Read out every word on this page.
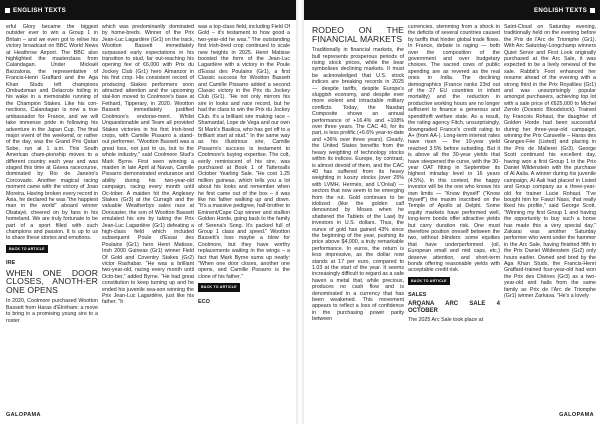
ENGLISH TEXTS

erful Glory became the biggest outsider ever to win a Group 1 in Britain – and we even got to relive his victory broadcast on BBC World News at Heathrow Airport. The BBC also highlighted the masterclass from Calandagan. Under Mickaël Barzalona, the representative of Francis-Henri Graffard and the Aga Khan Studs left champions Ombudsman and Delacroix toiling in his wake in a memorable running of the Champion Stakes. Like his con-nections, Calandagan is now a true ambassador for France, and we will take immense pride in following his adventure in the Japan Cup. The final major event of the weekend, or rather of the day, was the Grand Prix Qatari Sobe, run at 1 a.m. This South American cham-pionship moves to a different country each year and was staged this time at Gávea racecourse, dominated by Rio de Janeiro's Corcovado. Another magical racing moment came with the victory of Joao Moreira. Having broken every record in Asia, he declared he was "the happiest man in the world" aboard winner Obatayé, cheered on by fans in his homeland. We are truly fortunate to be part of a sport filled with such champions and passion. It is up to us to share these stories and emotions.

BACK TO ARTICLE
IRE
WHEN ONE DOOR CLOSES, ANOTH-ER ONE OPENS

In 2020, Coolmore purchased Wootton Bassett from Haras d'Étréham: a move to bring in a promising young sire to a roster

which was predominantly dominated by home-breds. Winner of the Prix Jean-Luc Lagardère (Gr1) on the track, Wootton Bassett immediately surpassed early expectations in his transition to stud, far out-reaching his opening fee of €6,000 with Prix du Jockey Club (Gr1) hero Almanzor in his first crop. His consistent record of producing Stakes performers soon attracted attention and the upcoming stal-lion moved to Coolmore's base at Fethard, Tipperary, in 2020. Wootton Bassett immediately justified Coolmore's endorse-ment. Whilst Unquestionable and Team all provided Stakes victories in his first Irish-bred crops, with Camille Pissarro a stand-out performer. "Wootton Bassett was a great loss, not just to us, but to the whole industry," said Coolmore Stud's Mark Byrne. First seen winning a maiden in late April at Navan, Camille Pissarro demonstrated endurance and ability during his two-year-old campaign, racing every month until Oc-tober. A maiden hit the Anglesey Stakes (Gr3) at the Curragh and the valuable Weatherbys sales race at Doncaster, the son of Wootton Bassett emulated his sire by taking the Prix Jean-Luc Lagardère (Gr1) defeating a high-class field which included subsequent Poule d'Essai des Poulains (Gr1) hero Henri Matisse, Irish 2000 Guineas (Gr1) winner Field Of Gold and Coventry Stakes (Gr2) victor Rashabar. "He was a brilliant two-year-old, racing every month until Octo-ber," added Byrne. "He had great constitution to keep turning up and he ended his juvenile sea-son winning the Prix Jean-Luc Lagardère, just like his father. "It

was a top-class field, including Field Of Gold – it's testament to how good a two-year-old he was." The outstanding first Irish-bred crop continued to scale new heights in 2025. Henri Matisse boosted the form of the Jean-Luc Lagardère with a victory in the Poule d'Essai des Poulains (Gr1), a first Classic success for Wootton Bassett and Camille Pissarro added a second Classic victory in the Prix du Jockey Club (Gr1). "He not only mirrors his sire in looks and race record, but he had the class to win the Prix du Jockey Club. It's a brilliant sire making race – Shamardal, Lope de Vega and our own St Mark's Basilica, who has got off to a brilliant start at stud." In the same way as his illustrious sire, Camille Pissarro's success is testament to Coolmore's buying expertise. The colt, eerily reminiscent of his sire, was purchased at Book 1 of Tattersalls October Yearling Sale. "He cost 1.25 million guineas, which tells you a lot about his looks and remember when he first came out of the box – it was like his father walking up and down. "It's a massive pedigree, half-brother to Eminent/Cape Cup winner and stallion Golden Horde, going back to the family of Serena's Song. It's packed full of Group 1 class and speed." Wootton Bassett's loss maybe a blow for Coolmore, but they have worthy replacements waiting in the wings – a fact that Mark Byrne sums up neatly: "When one door closes, another one opens, and Camille Pissarro is the clone of his father."

BACK TO ARTICLE
ECO
GALOPAMA
ENGLISH TEXTS
RODEO ON THE FINANCIAL MARKETS

Traditionally in financial markets, the bull represents prosperous periods of rising stock prices, while the bear symbolises declining markets. It must be acknowledged that U.S. stock indices are breaking records in 2025 — despite tariffs, despite Europe's sluggish economy, and despite ever more violent and intractable military conflicts. Today, the Nasdaq Composite shows an annual performance of +16.4% and +108% over three years. The CAC 40, for its part, is less prolific (+6.6% year-to-date and +36% over three years). Clearly, the United States benefits from the heavy weighting of technology stocks within its indices. Europe, by contrast, is almost devoid of them, and the CAC 40 has suffered from its heavy weighting in luxury stocks (over 25% with LVMH, Hermès, and L'Oréal) — sectors that now seem to be emerging from the rut. Gold continues to be idolized (like the golden calf denounced by Moses when he shattered the Tablets of the Law) by investors in U.S. dollars. Thus, the ounce of gold has gained 43% since the beginning of the year, pushing its price above $4,000, a truly remarkable performance. In euros, the return is less impressive, as the dollar now stands at 17 per euro, compared to 1.03 at the start of the year. It seems increasingly difficult to regard as a safe haven a metal that, while precious, produces no cash flow and is denominated in a currency that has been weakened. This movement appears to reflect a loss of confidence in the purchasing power parity between

currencies, stemming from a shock in the deficits of several countries caused by tariffs that hinder global trade flows. In France, debate is raging — both over the composition of the government and over budgetary choices. The sacred cows of public spending are as revered as the real ones in India. The declining demographics (France ranks 23rd out of the 27 EU countries in infant mortality) and the reduction in productive working hours are no longer sufficient to finance a generous and spendthrift welfare state. As a result, the rating agency Fitch, unsurprisingly, downgraded France's credit rating to A+ (from AA-). Long-term interest rates have risen — the 10-year yield reached 3.5% before subsiding. But it is above all the 30-year yields that have steepened the curve, with the 30-year OAT fitting in September its highest intraday level in 16 years (4.5%). In this context, the happy investor will be the one who knows his own limits — "Know thyself" ("Know thyself") the maxim inscribed on the Temple of Apollo at Delphi. Some equity markets have performed well, long-term bonds offer attractive yields but carry duration risk. One must therefore position oneself between the two, without blinders: some equities that have underperformed (oil, European small and mid caps, etc.) deserve attention, and short-term bonds offering reasonable yields with acceptable credit risk.

BACK TO ARTICLE
SALES
ARQANA ARC SALE 4 OCTOBER

The 2025 Arc Sale took place at

Saint-Cloud on Saturday evening, traditionally held on the evening before the Prix de l'Arc de Triomphe (Gr1). With Arc Saturday-Longchamp winners Quiet Senor and First Look originally purchased at the Arc Sale, it was expected to be a lively renewal of the sale. Rabbit's Foot enhanced her resume ahead of the evening with a strong third in the Prix Royallieu (Gr1) and was unsurprisingly popular amongst purchasers, achieving top lot with a sale price of €625,000 to Michel Zerolo (Oceanic Bloodstock). Trained by Francois Rohaut, the daughter of Golden Horde had been successful during her three-year-old campaign, winning the Prix Caravelle – Haras des Granges-Fée (Listed) and placing in the Prix de Malleret (Gr3). George Scott continued his excellent day, having won a first Group 1 in the Prix Daniel Wildenstein with the purchase of Al Aalia. A winner during his juvenile campaign, Al Aali had placed in Listed and Group company as a three-year-old for trainer Lucie Rohaut. "I've bought him for Fawzi Nass, that really liked his profile," said George Scott. "Winning my first Group 1 and having the opportunity to buy such a horse has made this a very special day." Zakarai was another Saturday performer who went under the hammer in the Arc Sale, having finished fifth in the Prix Daniel Wildenstein (Gr2) only hours earlier. Owned and bred by the Aga Khan Studs, the Francis-Henri Graffard-trained four-year-old had won the Prix des Chênes (Gr3) as a two-year-old and hails from the same family as Prix de l'Arc de Triomphe (Gr1) winner Zarkava. "He's a lovely

GALOPAMA
